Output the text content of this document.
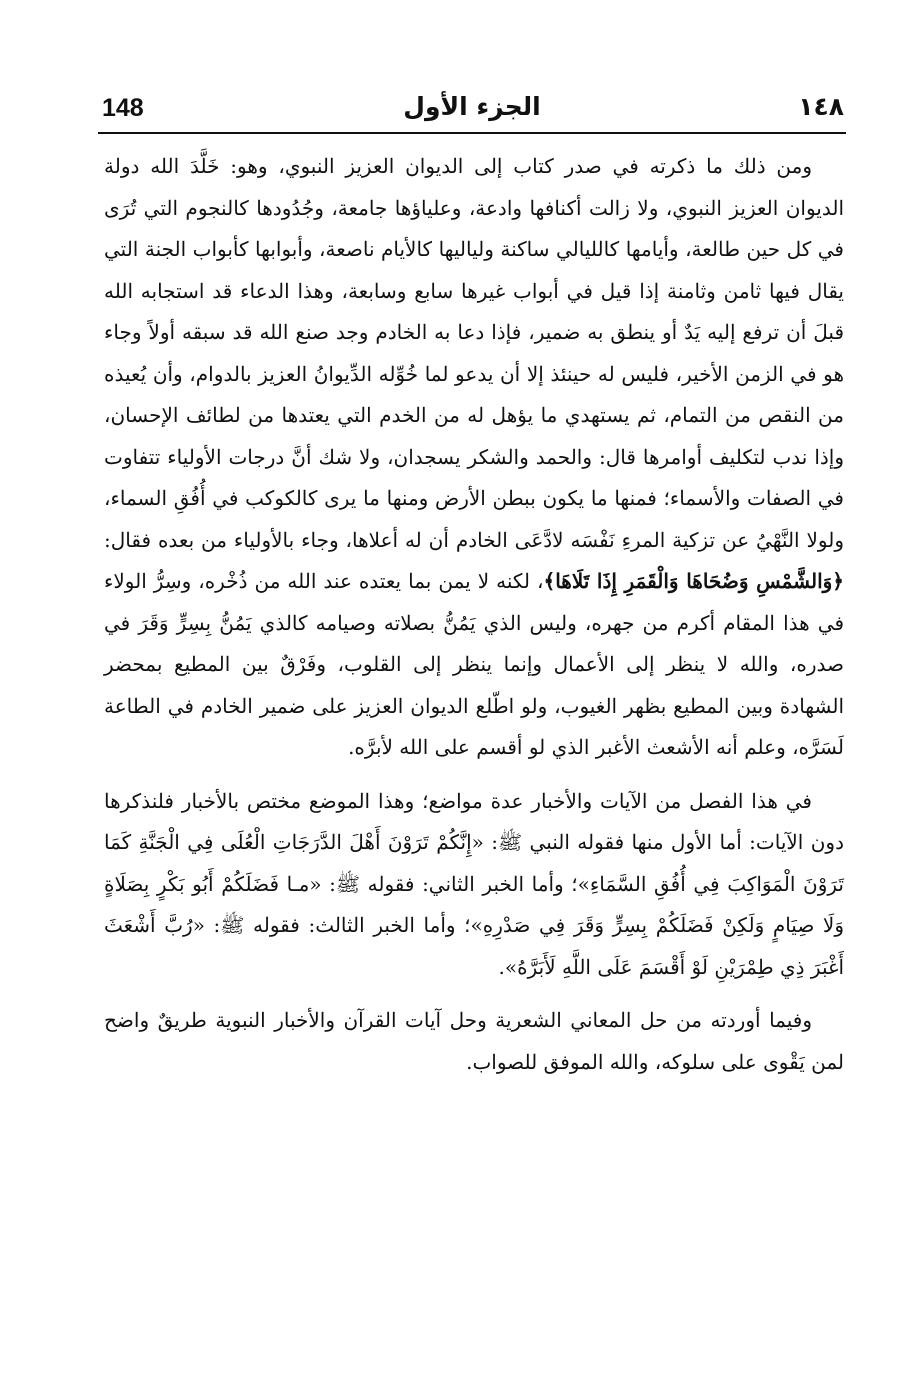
148	الجزء الأول	١٤٨

ومن ذلك ما ذكرته في صدر كتاب إلى الديوان العزيز النبوي، وهو: خَلَّدَ الله دولة الديوان العزيز النبوي، ولا زالت أكنافها وادعة، وعلياؤها جامعة، وجُدُودها كالنجوم التي تُرَى في كل حين طالعة، وأيامها كالليالي ساكنة ولياليها كالأيام ناصعة، وأبوابها كأبواب الجنة التي يقال فيها ثامن وثامنة إذا قيل في أبواب غيرها سابع وسابعة، وهذا الدعاء قد استجابه الله قبلَ أن ترفع إليه يَدٌ أو ينطق به ضمير، فإذا دعا به الخادم وجد صنع الله قد سبقه أولاً وجاء هو في الزمن الأخير، فليس له حينئذ إلا أن يدعو لما خُوِّله الدِّيوانُ العزيز بالدوام، وأن يُعيذه من النقص من التمام، ثم يستهدي ما يؤهل له من الخدم التي يعتدها من لطائف الإحسان، وإذا ندب لتكليف أوامرها قال: والحمد والشكر يسجدان، ولا شك أنَّ درجات الأولياء تتفاوت في الصفات والأسماء؛ فمنها ما يكون ببطن الأرض ومنها ما يرى كالكوكب في أُفُقِ السماء، ولولا النَّهْيُ عن تزكية المرءِ نَفْسَه لادَّعَى الخادم أن له أعلاها، وجاء بالأولياء من بعده فقال: ﴿وَالشَّمْسِ وَضُحَاهَا وَالْقَمَرِ إِذَا تَلَاهَا﴾، لكنه لا يمن بما يعتده عند الله من ذُخْره، وسِرُّ الولاء في هذا المقام أكرم من جهره، وليس الذي يَمُنُّ بصلاته وصيامه كالذي يَمُنُّ بِسِرٍّ وَقَرَ في صدره، والله لا ينظر إلى الأعمال وإنما ينظر إلى القلوب، وفَرْقٌ بين المطيع بمحضر الشهادة وبين المطيع بظهر الغيوب، ولو اطّلع الديوان العزيز على ضمير الخادم في الطاعة لَسَرَّه، وعلم أنه الأشعث الأغبر الذي لو أقسم على الله لأبرَّه.

في هذا الفصل من الآيات والأخبار عدة مواضع؛ وهذا الموضع مختص بالأخبار فلنذكرها دون الآيات: أما الأول منها فقوله النبي ﷺ: «إِنَّكُمْ تَرَوْنَ أَهْلَ الدَّرَجَاتِ الْعُلَى فِي الْجَنَّةِ كَمَا تَرَوْنَ الْمَوَاكِبَ فِي أُفُقِ السَّمَاءِ»؛ وأما الخبر الثاني: فقوله ﷺ: «مـا فَضَلَكُمْ أَبُو بَكْرٍ بِصَلَاةٍ وَلَا صِيَامٍ وَلَكِنْ فَضَلَكُمْ بِسِرٍّ وَقَرَ فِي صَدْرِهِ»؛ وأما الخبر الثالث: فقوله ﷺ: «رُبَّ أَشْعَثَ أَغْبَرَ ذِي طِمْرَيْنِ لَوْ أَقْسَمَ عَلَى اللَّهِ لَأَبَرَّهُ».

وفيما أوردته من حل المعاني الشعرية وحل آيات القرآن والأخبار النبوية طريقٌ واضح لمن يَقْوى على سلوكه، والله الموفق للصواب.
